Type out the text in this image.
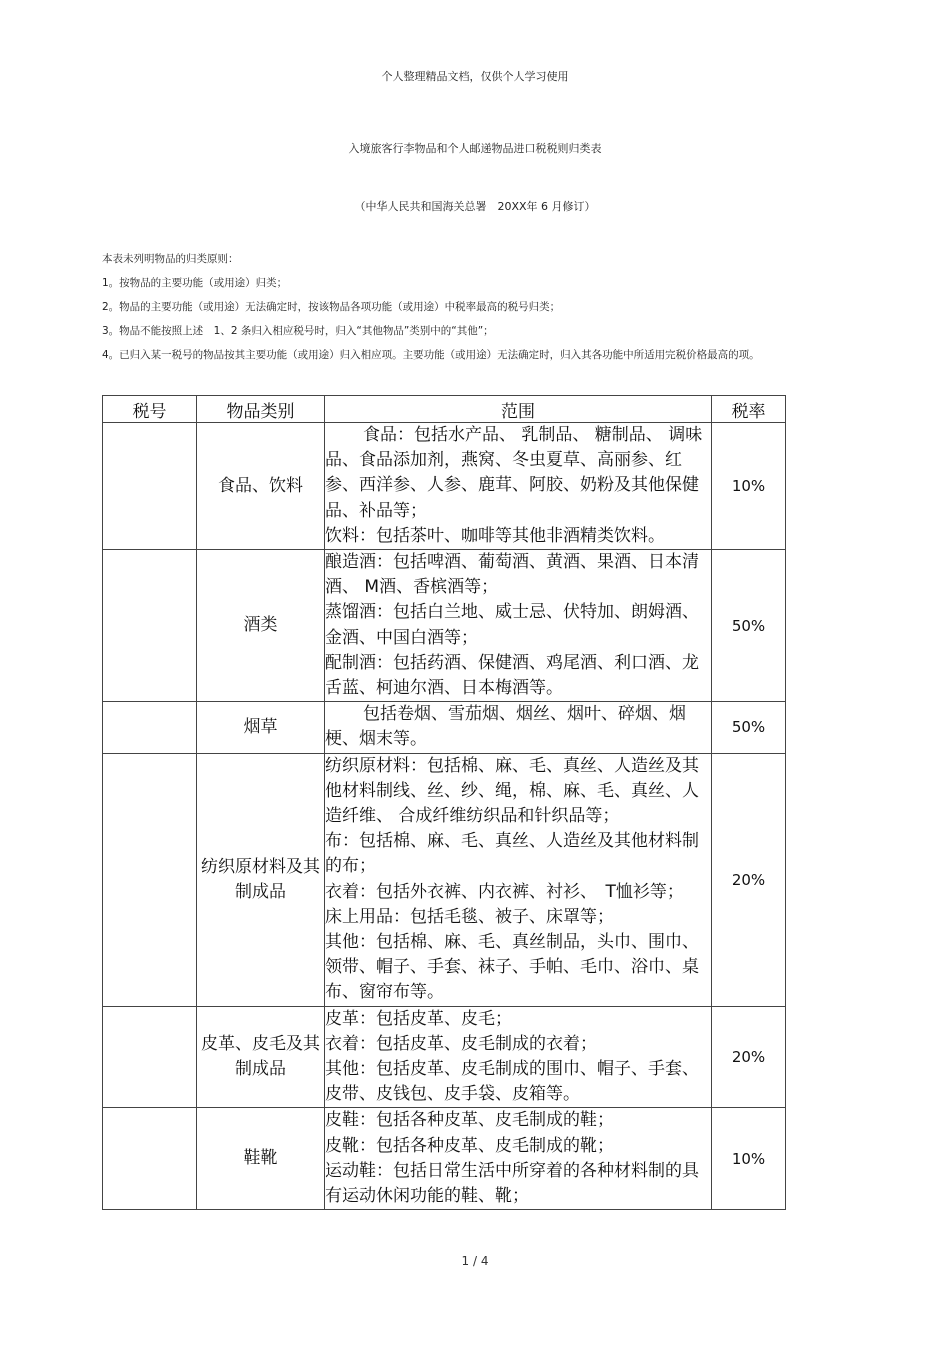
个人整理精品文档，仅供个人学习使用
入境旅客行李物品和个人邮递物品进口税税则归类表
（中华人民共和国海关总署　20XX年 6 月修订）
本表未列明物品的归类原则：
1。按物品的主要功能（或用途）归类；
2。物品的主要功能（或用途）无法确定时，按该物品各项功能（或用途）中税率最高的税号归类；
3。物品不能按照上述　1、2 条归入相应税号时，归入“其他物品”类别中的“其他”；
4。已归入某一税号的物品按其主要功能（或用途）归入相应项。主要功能（或用途）无法确定时，归入其各功能中所适用完税价格最高的项。
税号	物品类别	范围	税率
	食品、饮料	食品：包括水产品、 乳制品、 糖制品、 调味品、食品添加剂，燕窝、冬虫夏草、高丽参、红参、西洋参、人参、鹿茸、阿胶、奶粉及其他保健品、补品等；
饮料：包括茶叶、咖啡等其他非酒精类饮料。	10%
	酒类	酿造酒：包括啤酒、葡萄酒、黄酒、果酒、日本清酒、 M酒、香槟酒等；
蒸馏酒：包括白兰地、威士忌、伏特加、朗姆酒、金酒、中国白酒等；
配制酒：包括药酒、保健酒、鸡尾酒、利口酒、龙舌蓝、柯迪尔酒、日本梅酒等。	50%
	烟草	包括卷烟、雪茄烟、烟丝、烟叶、碎烟、烟梗、烟末等。	50%
	纺织原材料及其制成品	纺织原材料：包括棉、麻、毛、真丝、人造丝及其他材料制线、丝、纱、绳，棉、麻、毛、真丝、人造纤维、 合成纤维纺织品和针织品等；
布：包括棉、麻、毛、真丝、人造丝及其他材料制的布；
衣着：包括外衣裤、内衣裤、衬衫、　T恤衫等；
床上用品：包括毛毯、被子、床罩等；
其他：包括棉、麻、毛、真丝制品，头巾、围巾、领带、帽子、手套、袜子、手帕、毛巾、浴巾、桌布、窗帘布等。	20%
	皮革、皮毛及其制成品	皮革：包括皮革、皮毛；
衣着：包括皮革、皮毛制成的衣着；
其他：包括皮革、皮毛制成的围巾、帽子、手套、皮带、皮钱包、皮手袋、皮箱等。	20%
	鞋靴	皮鞋：包括各种皮革、皮毛制成的鞋；
皮靴：包括各种皮革、皮毛制成的靴；
运动鞋：包括日常生活中所穿着的各种材料制的具有运动休闲功能的鞋、靴；	10%
1 / 4
